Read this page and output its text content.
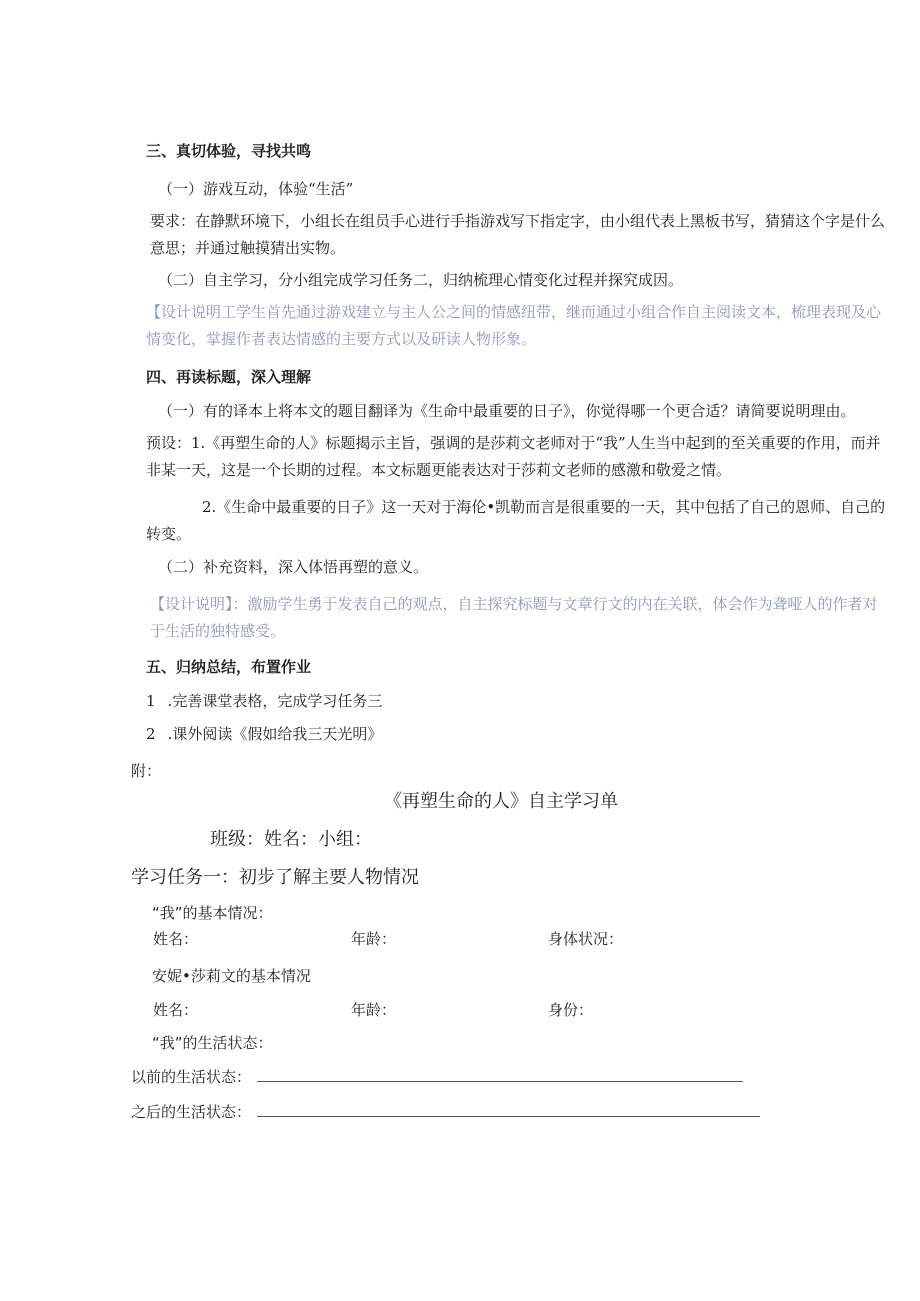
三、真切体验，寻找共鸣

（一）游戏互动，体验“生活”

要求：在静默环境下，小组长在组员手心进行手指游戏写下指定字，由小组代表上黑板书写，猜猜这个字是什么意思；并通过触摸猜出实物。

（二）自主学习，分小组完成学习任务二，归纳梳理心情变化过程并探究成因。

【设计说明工学生首先通过游戏建立与主人公之间的情感纽带，继而通过小组合作自主阅读文本，梳理表现及心情变化，掌握作者表达情感的主要方式以及研读人物形象。

四、再读标题，深入理解

（一）有的译本上将本文的题目翻译为《生命中最重要的日子》，你觉得哪一个更合适？请简要说明理由。

预设：1.《再塑生命的人》标题揭示主旨，强调的是莎莉文老师对于“我”人生当中起到的至关重要的作用，而并非某一天，这是一个长期的过程。本文标题更能表达对于莎莉文老师的感激和敬爱之情。

2.《生命中最重要的日子》这一天对于海伦•凯勒而言是很重要的一天，其中包括了自己的恩师、自己的转变。

（二）补充资料，深入体悟再塑的意义。

【设计说明】：激励学生勇于发表自己的观点，自主探究标题与文章行文的内在关联，体会作为聋哑人的作者对于生活的独特感受。

五、归纳总结，布置作业

1 .完善课堂表格，完成学习任务三

2 .课外阅读《假如给我三天光明》

附：

《再塑生命的人》自主学习单

班级：姓名：小组：

学习任务一：初步了解主要人物情况

“我”的基本情况：

姓名：	年龄：	身体状况：

安妮•莎莉文的基本情况

姓名：	年龄：	身份：

“我”的生活状态：

以前的生活状态：

之后的生活状态：
